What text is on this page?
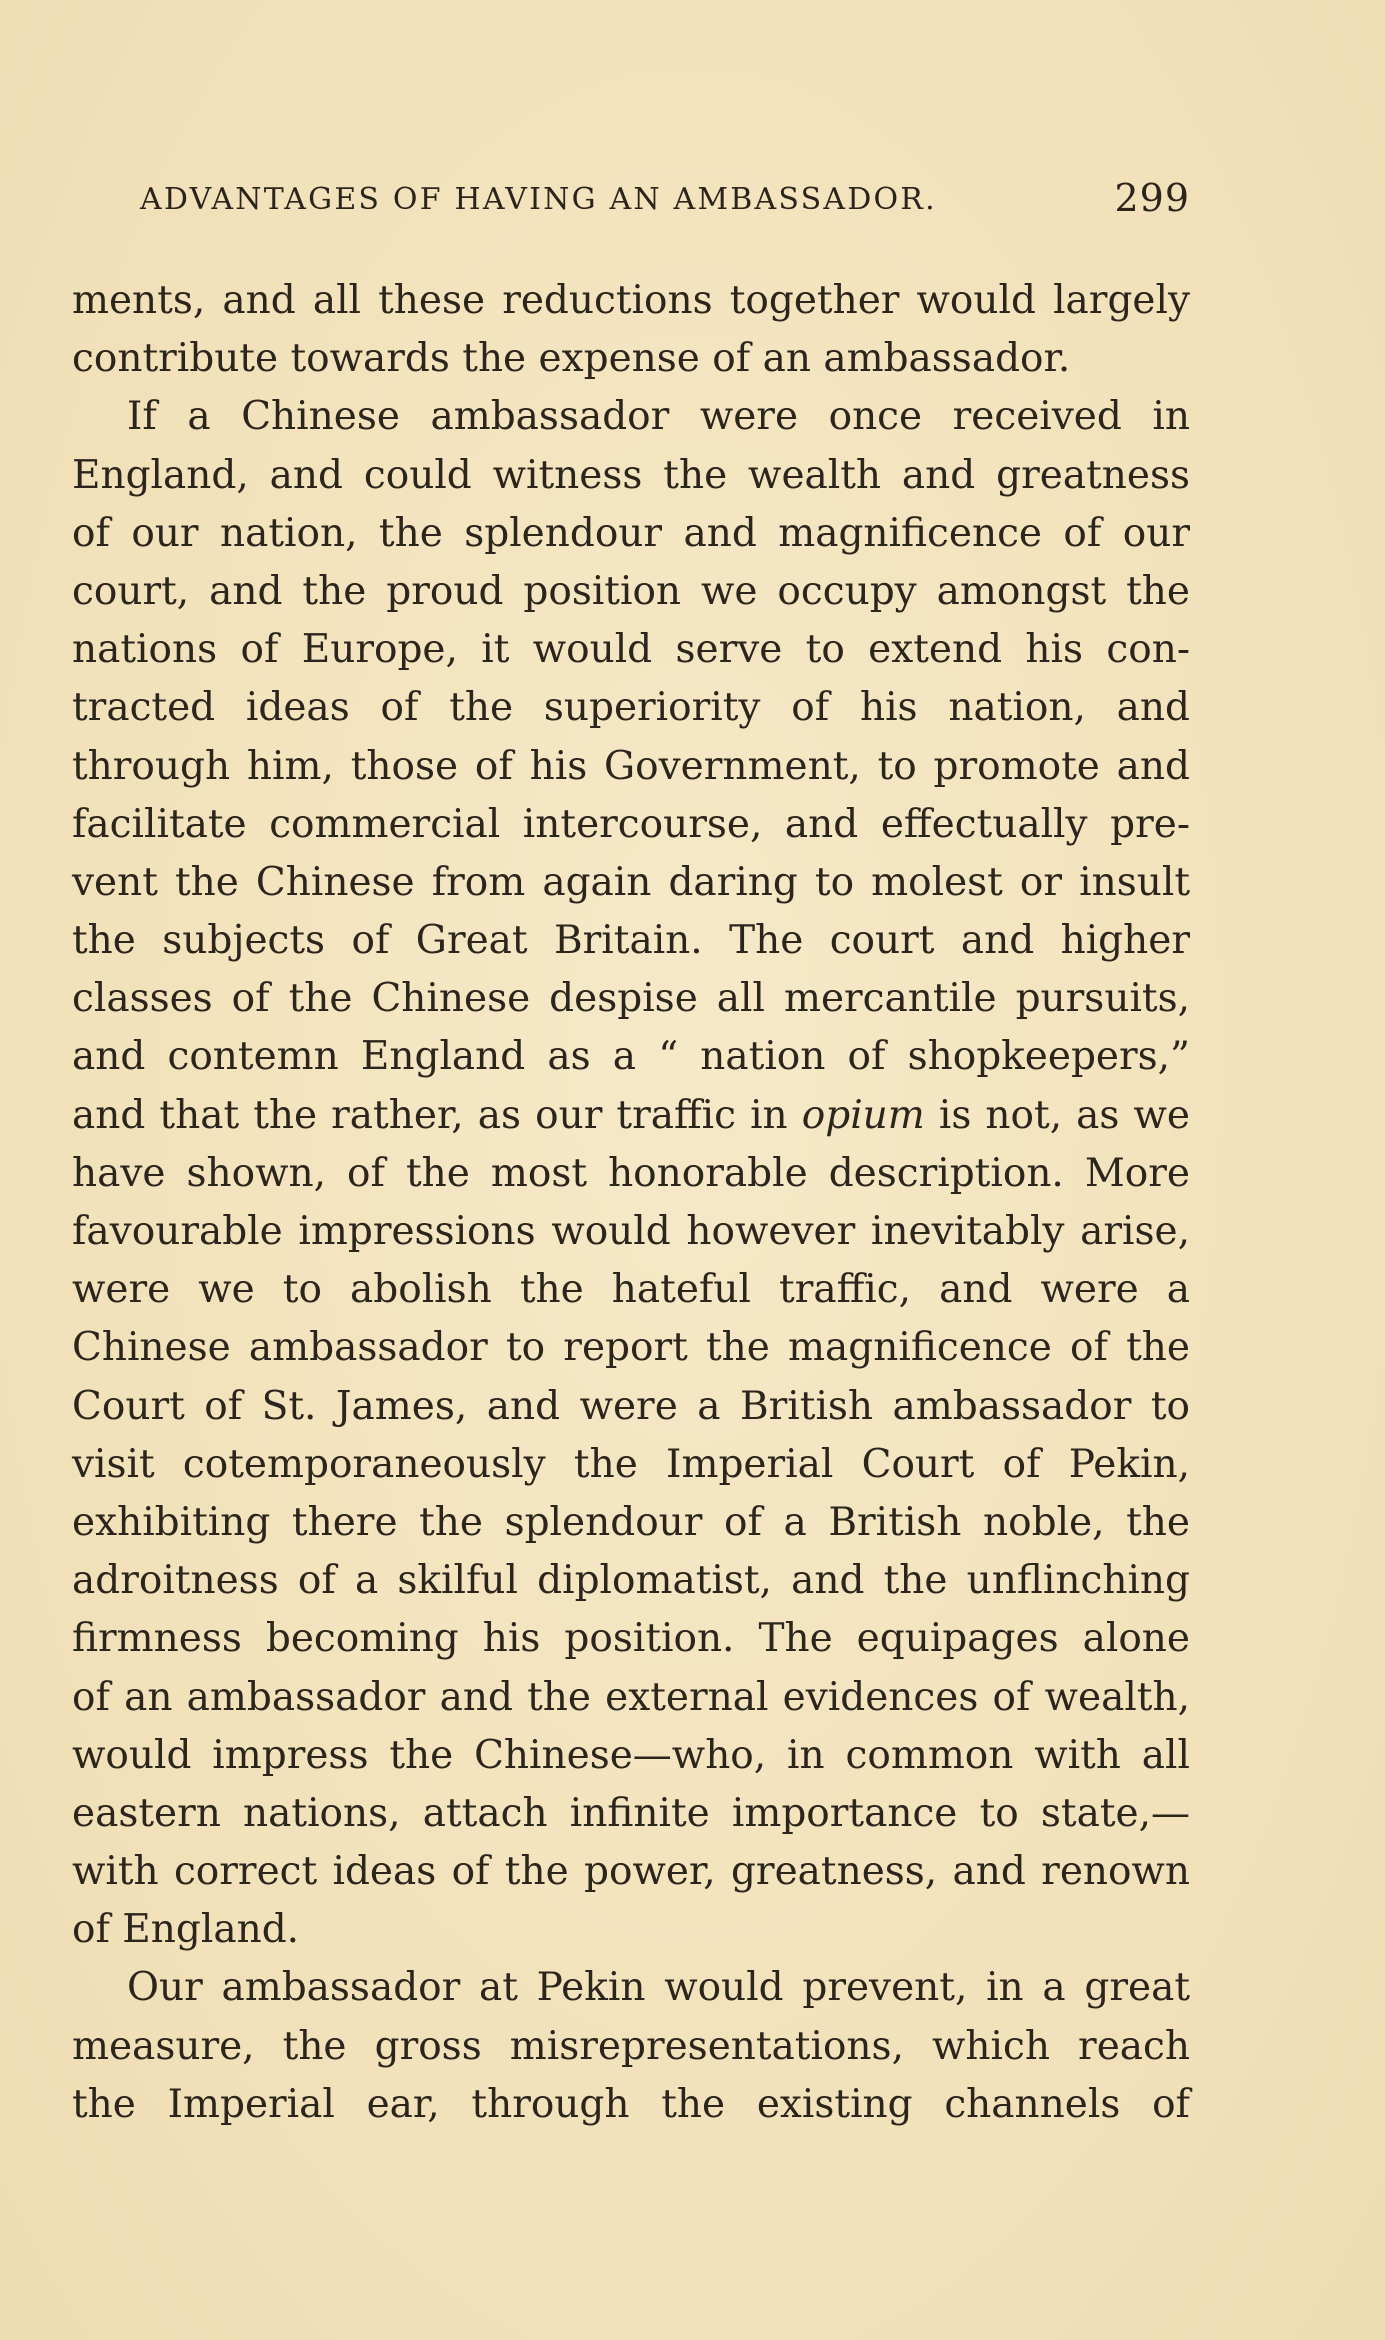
ADVANTAGES OF HAVING AN AMBASSADOR.	299
ments, and all these reductions together would largely
contribute towards the expense of an ambassador.
If a Chinese ambassador were once received in
England, and could witness the wealth and greatness
of our nation, the splendour and magnificence of our
court, and the proud position we occupy amongst the
nations of Europe, it would serve to extend his con-
tracted ideas of the superiority of his nation, and
through him, those of his Government, to promote and
facilitate commercial intercourse, and effectually pre-
vent the Chinese from again daring to molest or insult
the subjects of Great Britain. The court and higher
classes of the Chinese despise all mercantile pursuits,
and contemn England as a “ nation of shopkeepers,”
and that the rather, as our traffic in opium is not, as we
have shown, of the most honorable description. More
favourable impressions would however inevitably arise,
were we to abolish the hateful traffic, and were a
Chinese ambassador to report the magnificence of the
Court of St. James, and were a British ambassador to
visit cotemporaneously the Imperial Court of Pekin,
exhibiting there the splendour of a British noble, the
adroitness of a skilful diplomatist, and the unflinching
firmness becoming his position. The equipages alone
of an ambassador and the external evidences of wealth,
would impress the Chinese—who, in common with all
eastern nations, attach infinite importance to state,—
with correct ideas of the power, greatness, and renown
of England.
Our ambassador at Pekin would prevent, in a great
measure, the gross misrepresentations, which reach
the Imperial ear, through the existing channels of
